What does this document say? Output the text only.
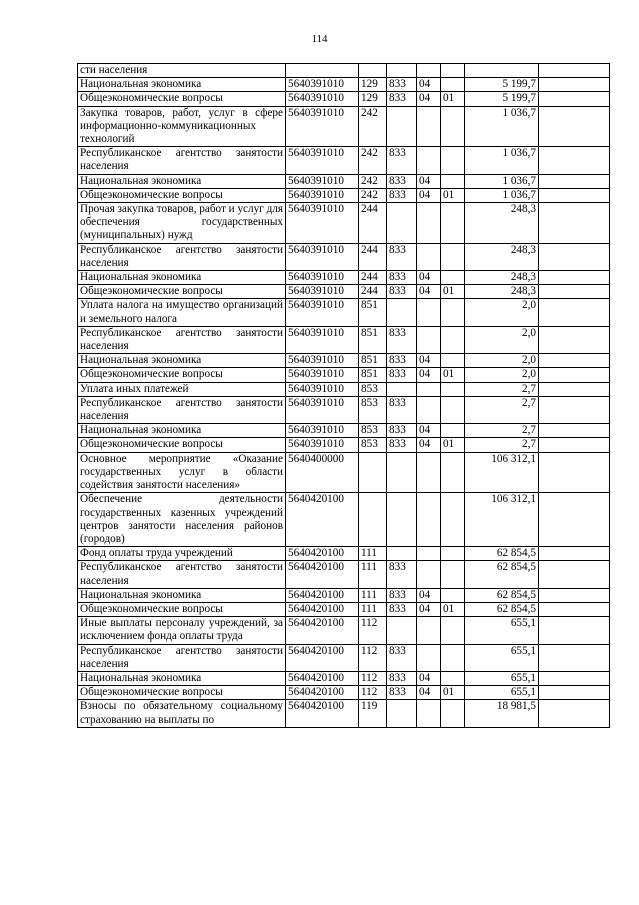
114
сти населения							
Национальная экономика	5640391010	129	833	04		5 199,7	
Общеэкономические вопросы	5640391010	129	833	04	01	5 199,7	
Закупка товаров, работ, услуг в сфере информационно-коммуникационных технологий	5640391010	242				1 036,7	
Республиканское агентство занятости населения	5640391010	242	833			1 036,7	
Национальная экономика	5640391010	242	833	04		1 036,7	
Общеэкономические вопросы	5640391010	242	833	04	01	1 036,7	
Прочая закупка товаров, работ и услуг для обеспечения государственных (муниципальных) нужд	5640391010	244				248,3	
Республиканское агентство занятости населения	5640391010	244	833			248,3	
Национальная экономика	5640391010	244	833	04		248,3	
Общеэкономические вопросы	5640391010	244	833	04	01	248,3	
Уплата налога на имущество организаций и земельного налога	5640391010	851				2,0	
Республиканское агентство занятости населения	5640391010	851	833			2,0	
Национальная экономика	5640391010	851	833	04		2,0	
Общеэкономические вопросы	5640391010	851	833	04	01	2,0	
Уплата иных платежей	5640391010	853				2,7	
Республиканское агентство занятости населения	5640391010	853	833			2,7	
Национальная экономика	5640391010	853	833	04		2,7	
Общеэкономические вопросы	5640391010	853	833	04	01	2,7	
Основное мероприятие «Оказание государственных услуг в области содействия занятости населения»	5640400000					106 312,1	
Обеспечение деятельности государственных казенных учреждений центров занятости населения районов (городов)	5640420100					106 312,1	
Фонд оплаты труда учреждений	5640420100	111				62 854,5	
Республиканское агентство занятости населения	5640420100	111	833			62 854,5	
Национальная экономика	5640420100	111	833	04		62 854,5	
Общеэкономические вопросы	5640420100	111	833	04	01	62 854,5	
Иные выплаты персоналу учреждений, за исключением фонда оплаты труда	5640420100	112				655,1	
Республиканское агентство занятости населения	5640420100	112	833			655,1	
Национальная экономика	5640420100	112	833	04		655,1	
Общеэкономические вопросы	5640420100	112	833	04	01	655,1	
Взносы по обязательному социальному страхованию на выплаты по	5640420100	119				18 981,5	
